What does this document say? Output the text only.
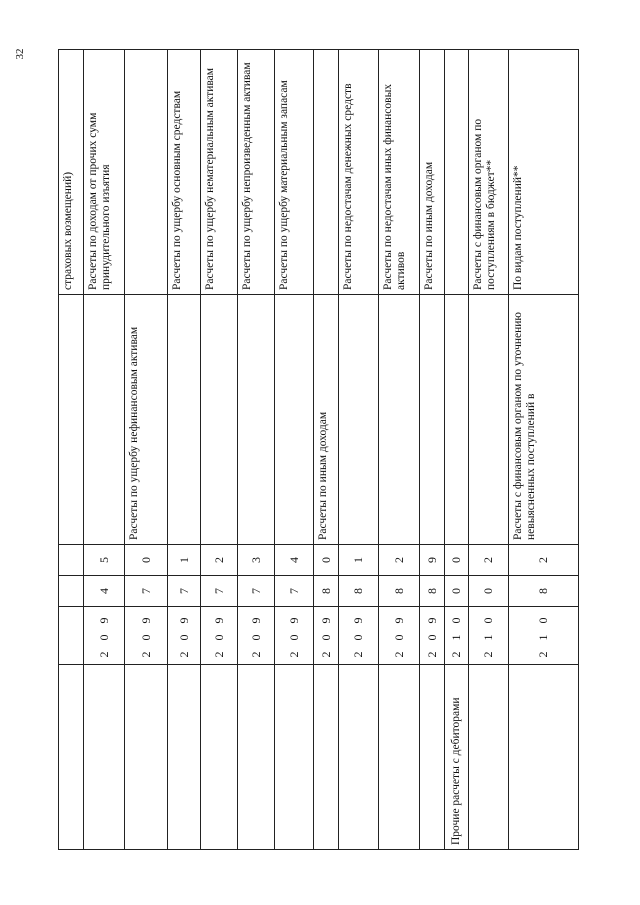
32
					страховых возмещений)
	2 0 9	4	5		Расчеты по доходам от прочих сумм принудительного изъятия
	2 0 9	7	0	Расчеты по ущербу нефинансовым активам	
	2 0 9	7	1		Расчеты по ущербу основным средствам
	2 0 9	7	2		Расчеты по ущербу нематериальным активам
	2 0 9	7	3		Расчеты по ущербу непроизведенным активам
	2 0 9	7	4		Расчеты по ущербу материальным запасам
	2 0 9	8	0	Расчеты по иным доходам	
	2 0 9	8	1		Расчеты по недостачам денежных средств
	2 0 9	8	2		Расчеты по недостачам иных финансовых активов
	2 0 9	8	9		Расчеты по иным доходам
Прочие расчеты с дебиторами	2 1 0	0	0		
	2 1 0	0	2		Расчеты с финансовым органом по поступлениям в бюджет**
	2 1 0	8	2	Расчеты с финансовым органом по уточнению невыясненных поступлений в	По видам поступлений**
